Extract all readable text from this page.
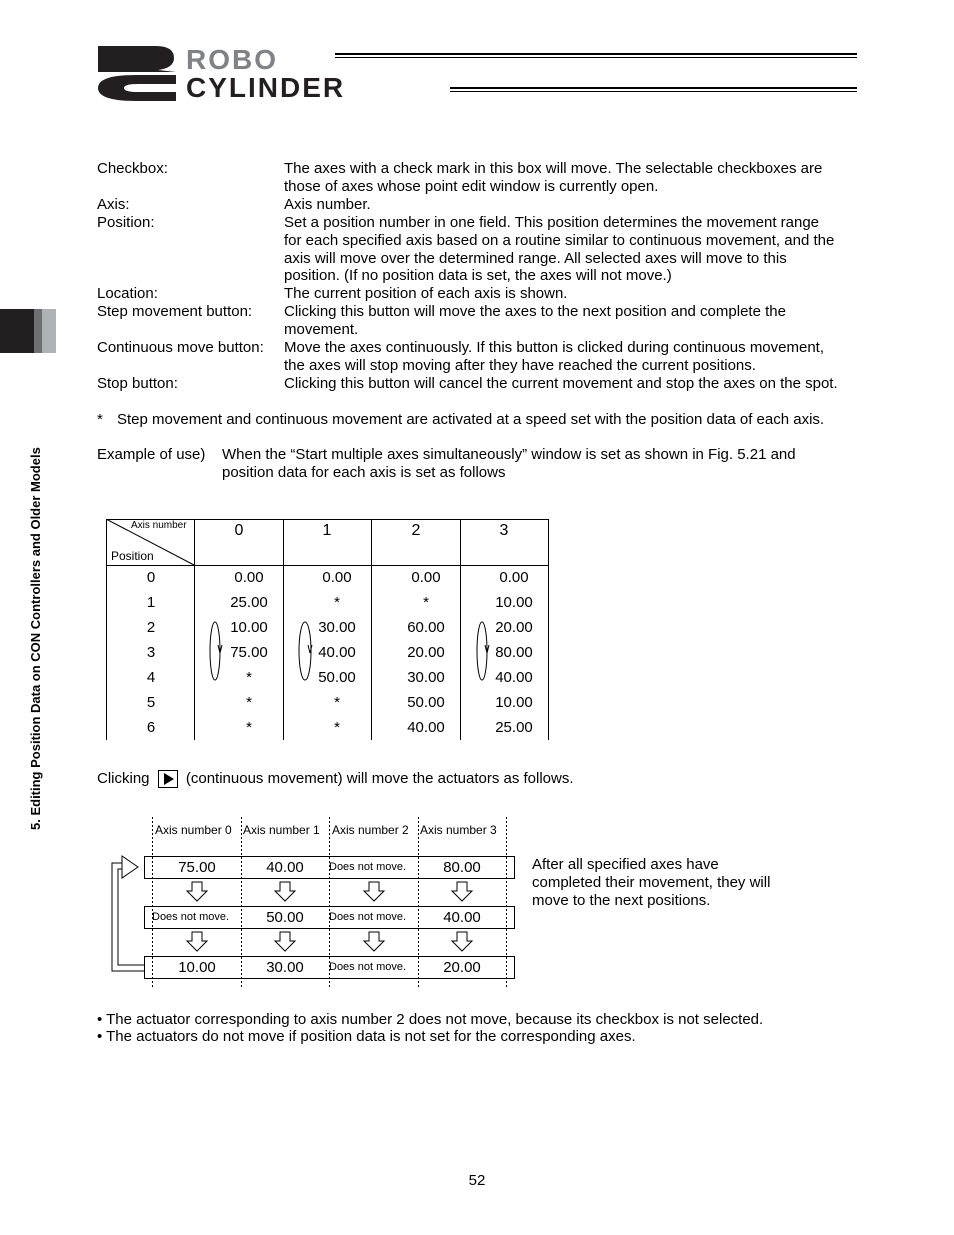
ROBO
CYLINDER
5. Editing Position Data on CON Controllers and Older Models
Checkbox:	The axes with a check mark in this box will move. The selectable checkboxes are
those of axes whose point edit window is currently open.
Axis:	Axis number.
Position:	Set a position number in one field. This position determines the movement range
for each specified axis based on a routine similar to continuous movement, and the
axis will move over the determined range. All selected axes will move to this
position. (If no position data is set, the axes will not move.)
Location:	The current position of each axis is shown.
Step movement button: Clicking this button will move the axes to the next position and complete the
movement.
Continuous move button: Move the axes continuously. If this button is clicked during continuous movement,
the axes will stop moving after they have reached the current positions.
Stop button:	Clicking this button will cancel the current movement and stop the axes on the spot.
* Step movement and continuous movement are activated at a speed set with the position data of each axis.
Example of use) When the “Start multiple axes simultaneously” window is set as shown in Fig. 5.21 and
position data for each axis is set as follows
Axis number
Position
0	1	2	3
0	0.00	0.00	0.00	0.00
1	25.00	*	*	10.00
2	10.00	30.00	60.00	20.00
3	75.00	40.00	20.00	80.00
4	*	50.00	30.00	40.00
5	*	*	50.00	10.00
6	*	*	40.00	25.00
Clicking (continuous movement) will move the actuators as follows.
Axis number 0 Axis number 1 Axis number 2 Axis number 3
75.00	40.00	Does not move.	80.00
Does not move.	50.00	Does not move.	40.00
10.00	30.00	Does not move.	20.00
After all specified axes have
completed their movement, they will
move to the next positions.
• The actuator corresponding to axis number 2 does not move, because its checkbox is not selected.
• The actuators do not move if position data is not set for the corresponding axes.
52
